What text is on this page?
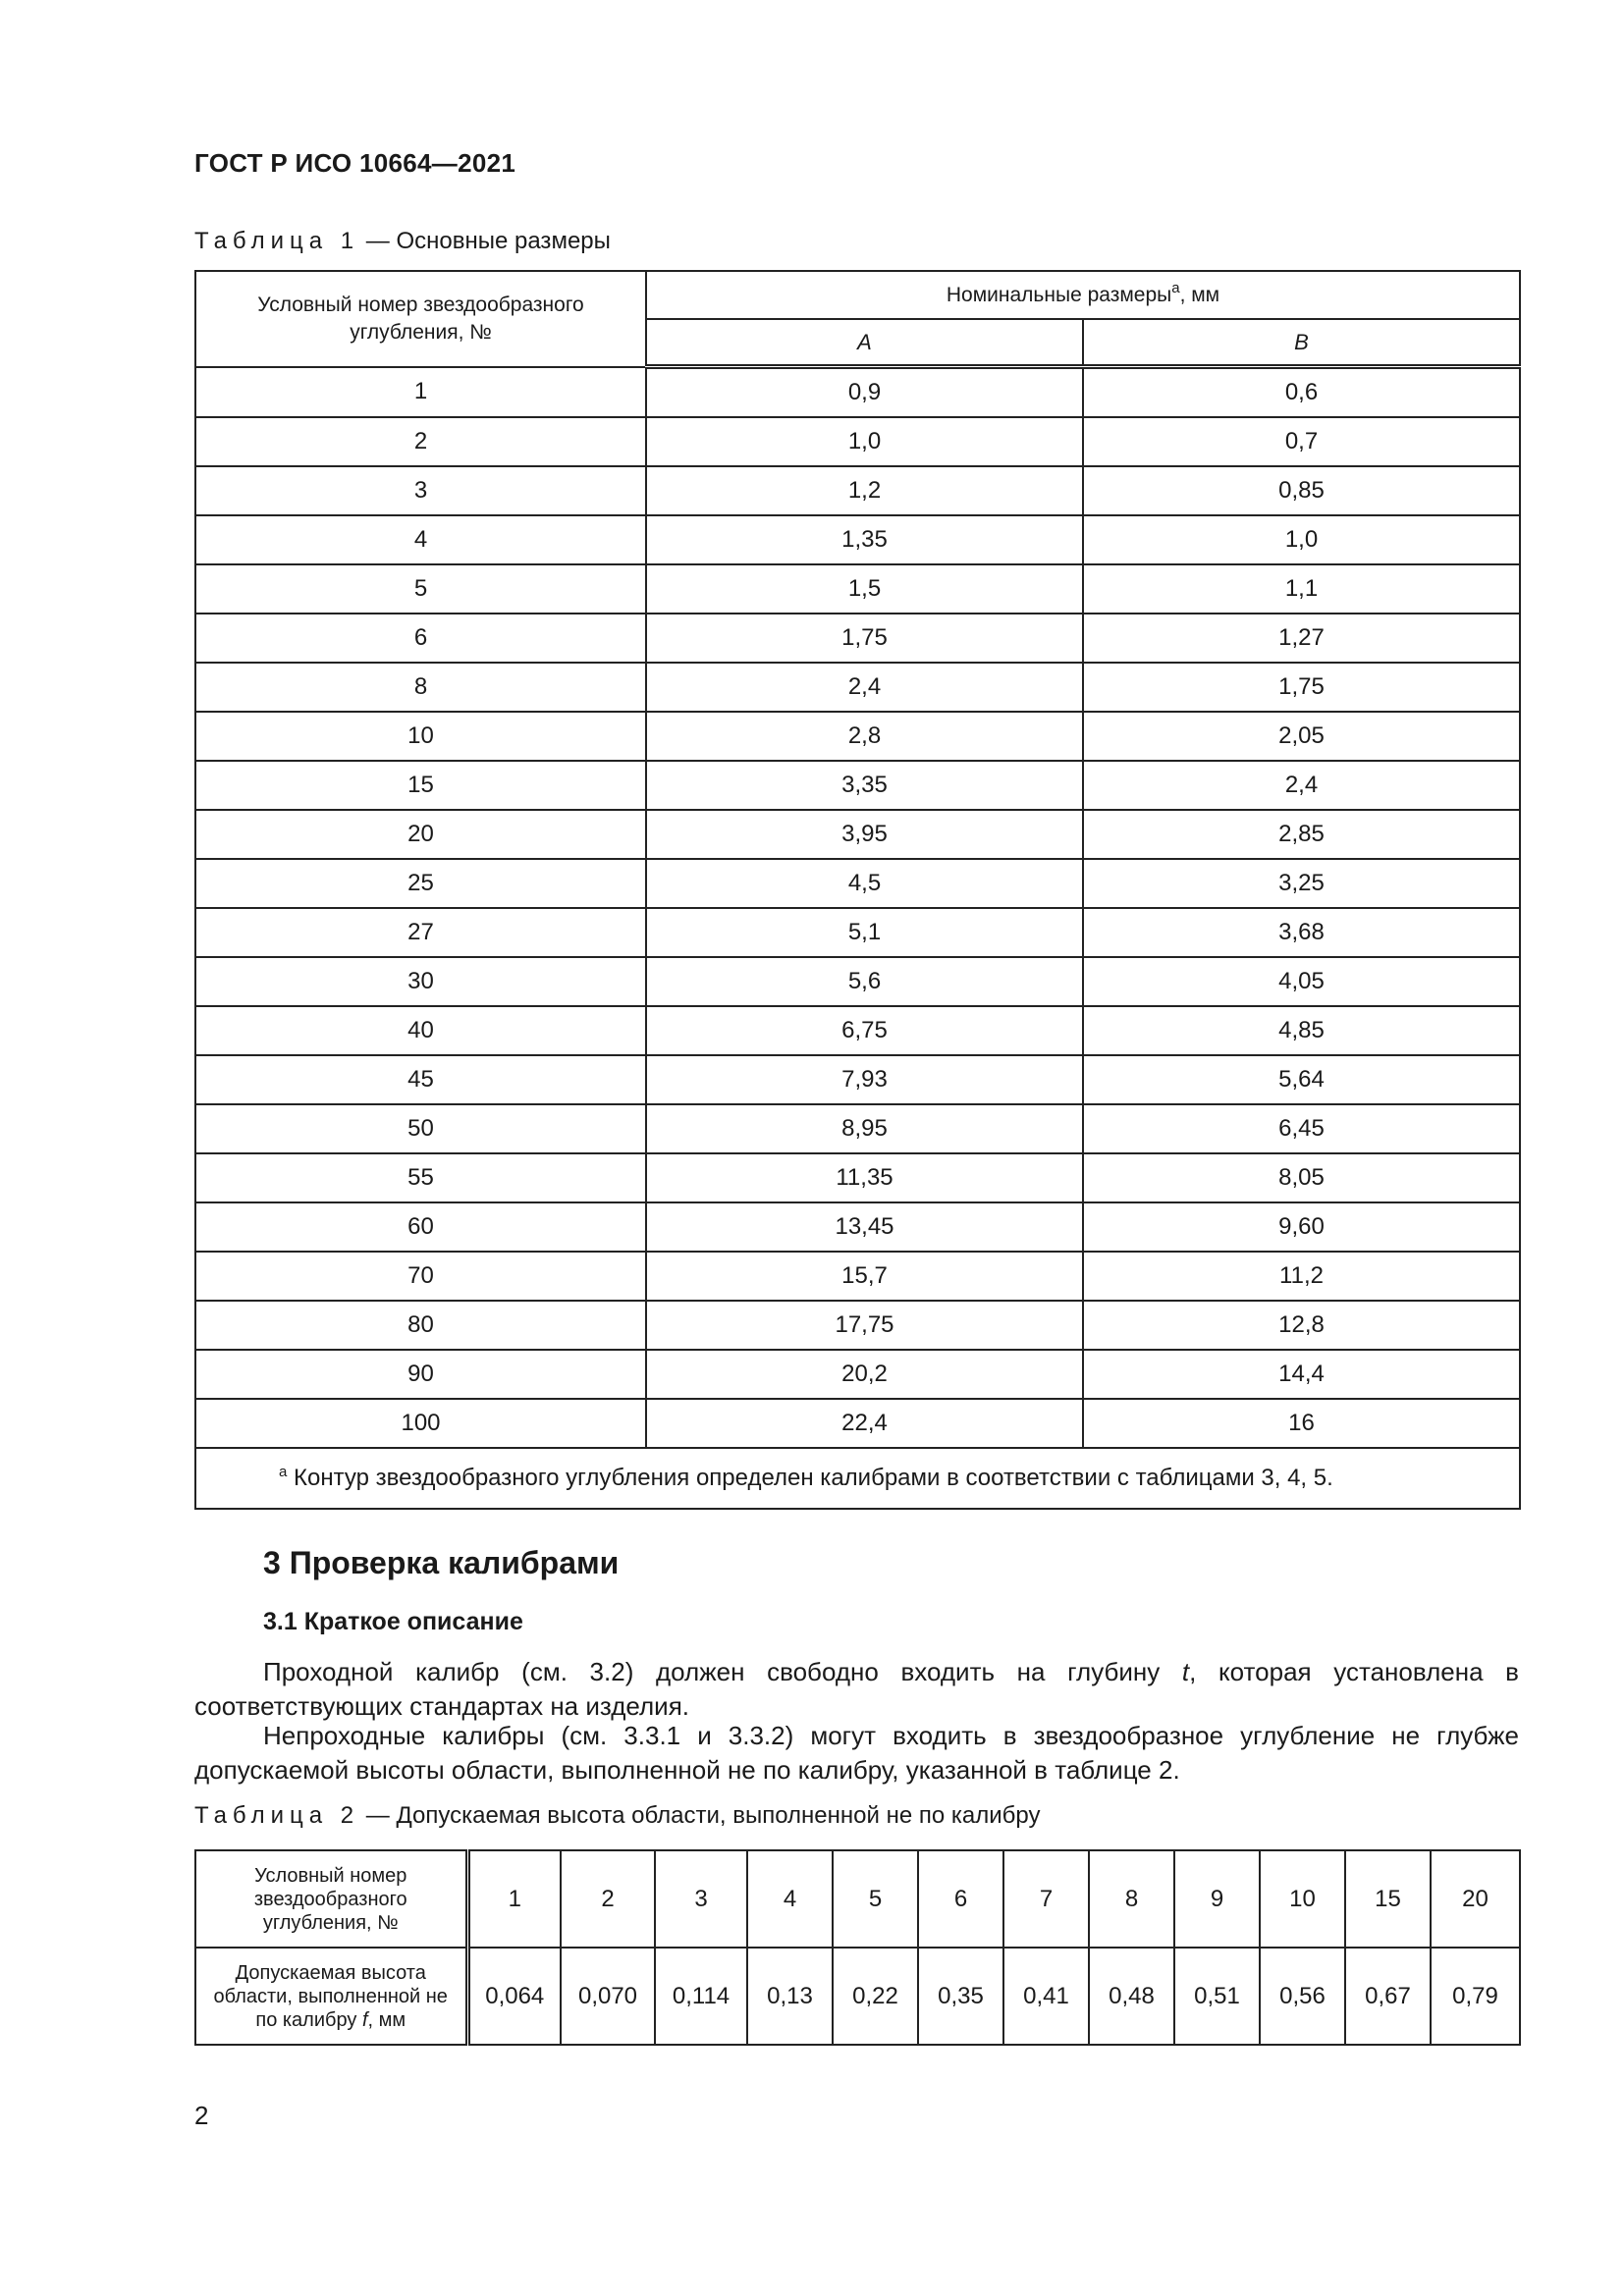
ГОСТ Р ИСО 10664—2021
Таблица 1 — Основные размеры
Условный номер звездообразного углубления, №	Номинальные размеры$^a$, мм	
	A	B
1	0,9	0,6
2	1,0	0,7
3	1,2	0,85
4	1,35	1,0
5	1,5	1,1
6	1,75	1,27
8	2,4	1,75
10	2,8	2,05
15	3,35	2,4
20	3,95	2,85
25	4,5	3,25
27	5,1	3,68
30	5,6	4,05
40	6,75	4,85
45	7,93	5,64
50	8,95	6,45
55	11,35	8,05
60	13,45	9,60
70	15,7	11,2
80	17,75	12,8
90	20,2	14,4
100	22,4	16
$^a$ Контур звездообразного углубления определен калибрами в соответствии с таблицами 3, 4, 5.		
3 Проверка калибрами
3.1 Краткое описание
Проходной калибр (см. 3.2) должен свободно входить на глубину t, которая установлена в соответствующих стандартах на изделия.
Непроходные калибры (см. 3.3.1 и 3.3.2) могут входить в звездообразное углубление не глубже допускаемой высоты области, выполненной не по калибру, указанной в таблице 2.
Таблица 2 — Допускаемая высота области, выполненной не по калибру
Условный номер звездообразного углубления, №	1	2	3	4	5	6	7	8	9	10	15	20
Допускаемая высота области, выполненной не по калибру f, мм	0,064	0,070	0,114	0,13	0,22	0,35	0,41	0,48	0,51	0,56	0,67	0,79
2
